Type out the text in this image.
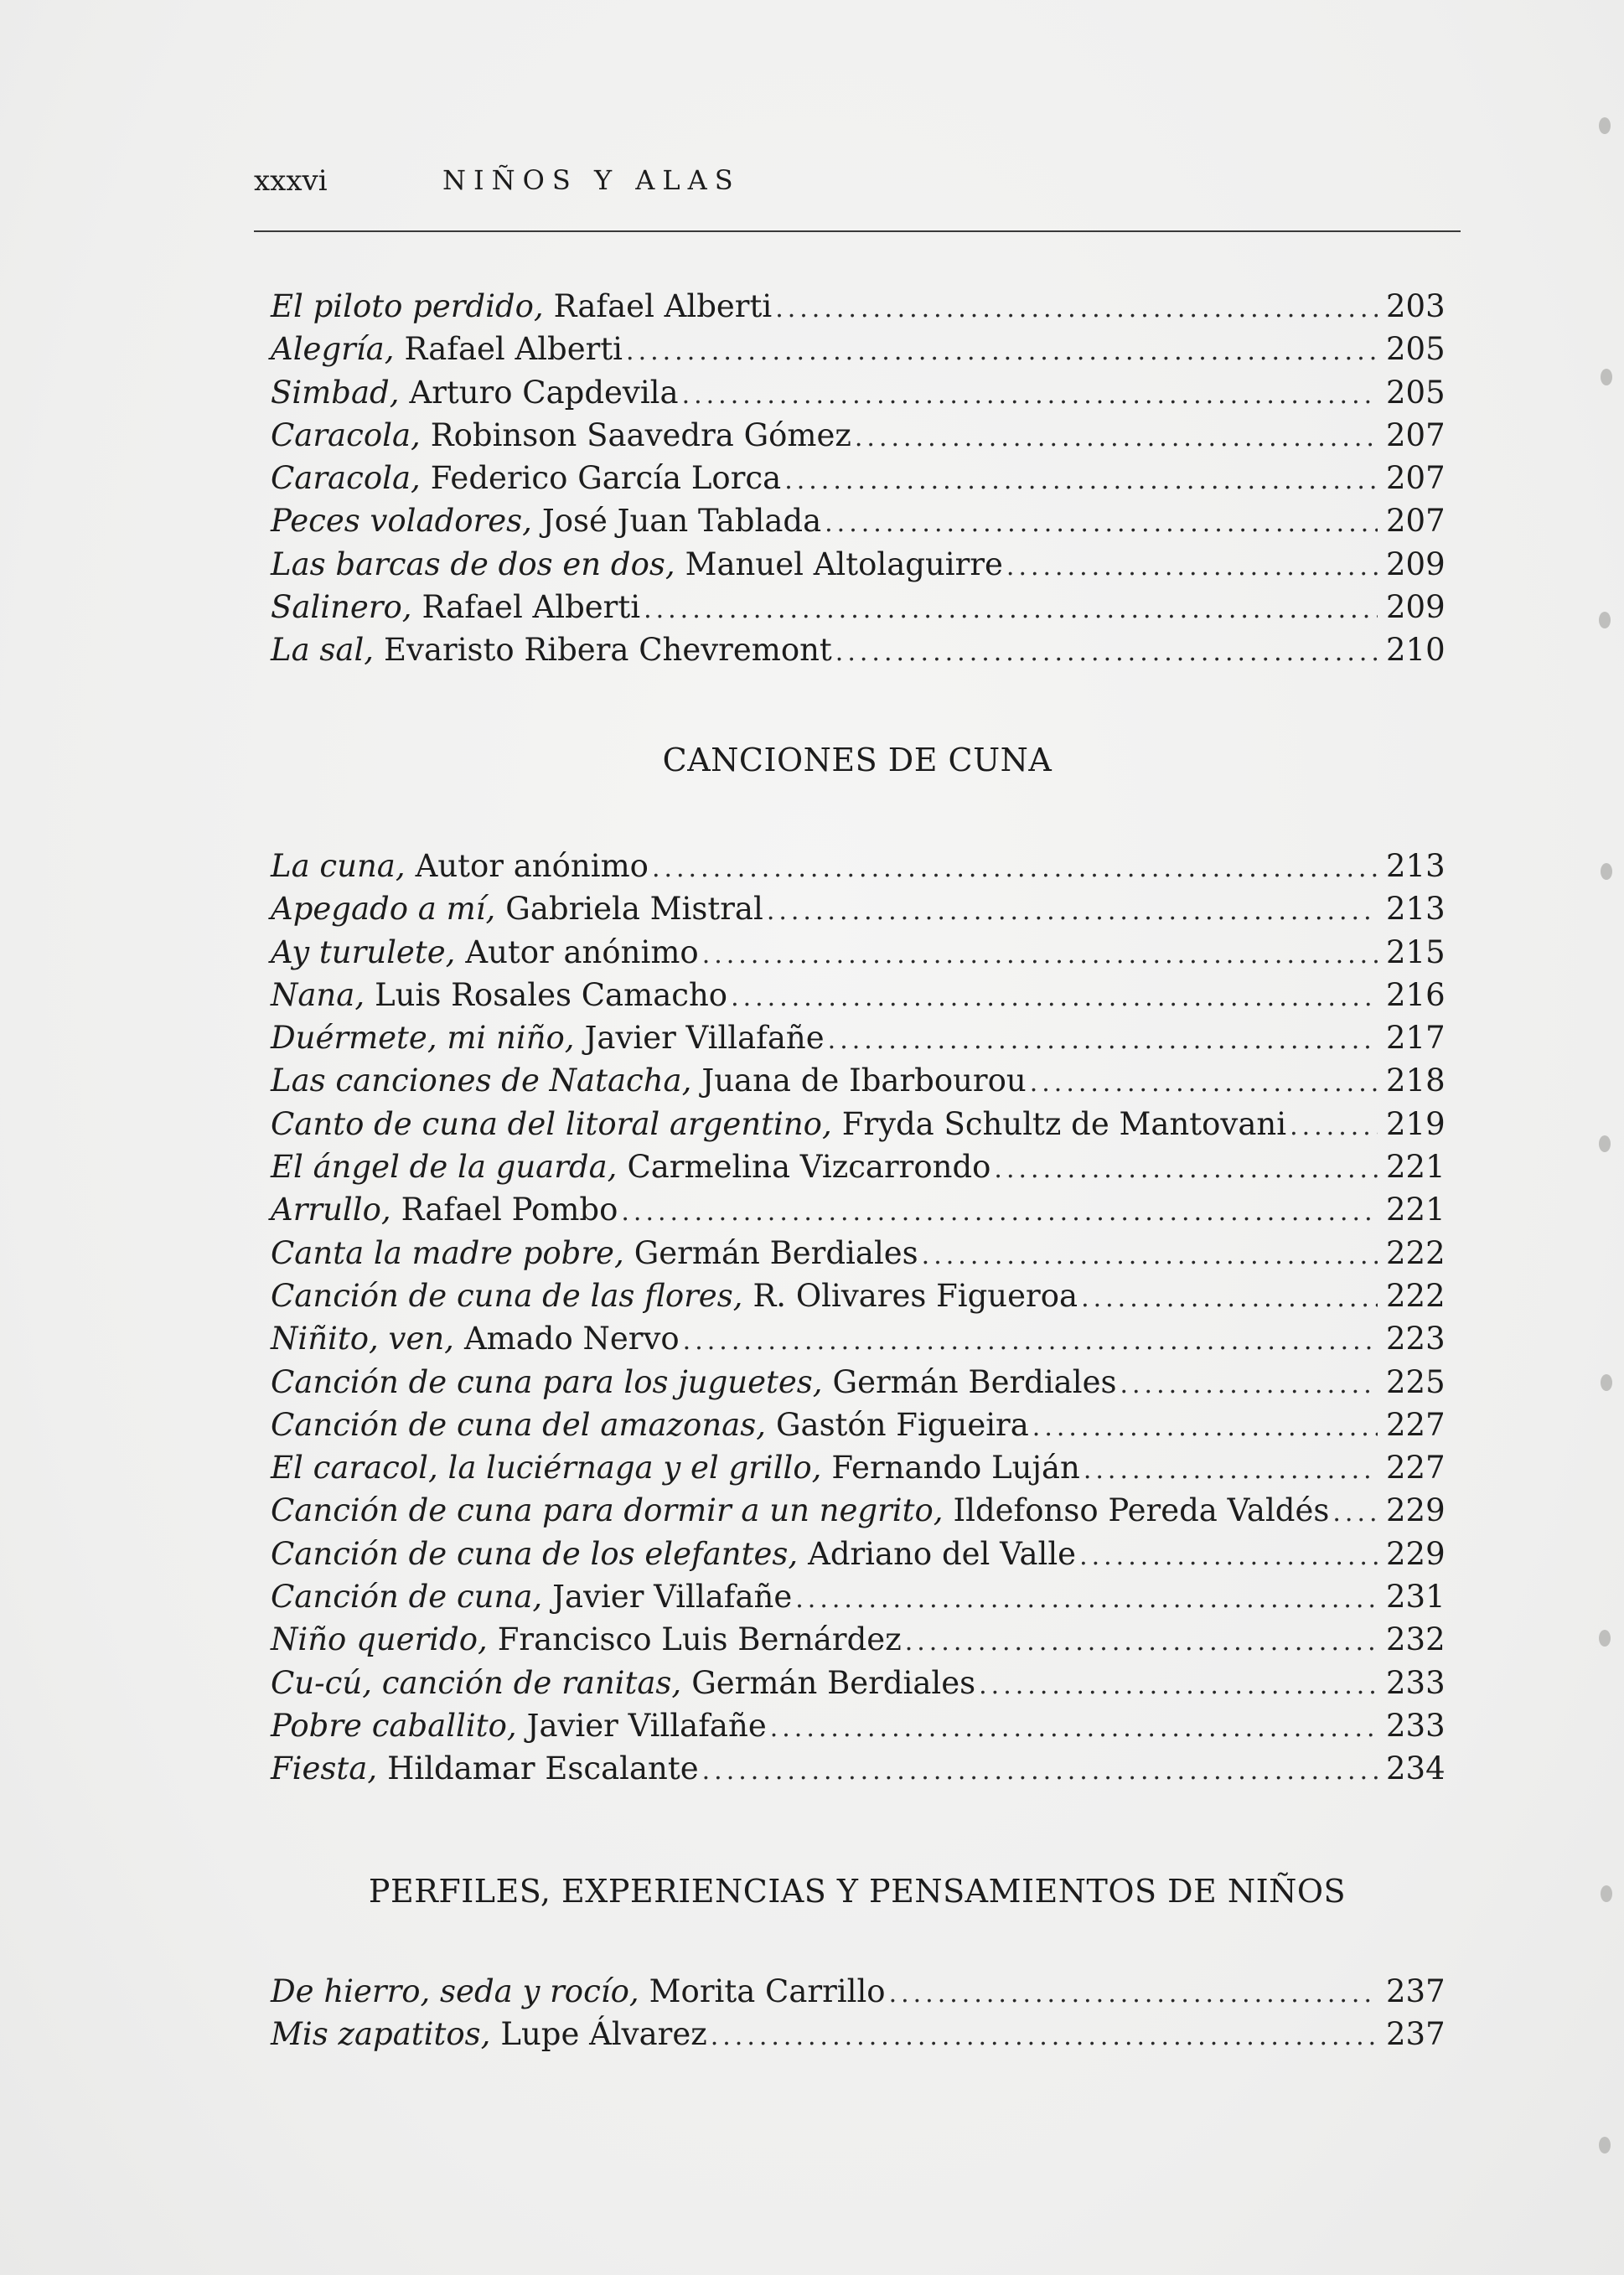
xxxvi	NIÑOS Y ALAS
El piloto perdido, Rafael Alberti .....	203
Alegría, Rafael Alberti .....	205
Simbad, Arturo Capdevila .....	205
Caracola, Robinson Saavedra Gómez .....	207
Caracola, Federico García Lorca .....	207
Peces voladores, José Juan Tablada .....	207
Las barcas de dos en dos, Manuel Altolaguirre .....	209
Salinero, Rafael Alberti .....	209
La sal, Evaristo Ribera Chevremont .....	210
CANCIONES DE CUNA
La cuna, Autor anónimo .....	213
Apegado a mí, Gabriela Mistral .....	213
Ay turulete, Autor anónimo .....	215
Nana, Luis Rosales Camacho .....	216
Duérmete, mi niño, Javier Villafañe .....	217
Las canciones de Natacha, Juana de Ibarbourou .....	218
Canto de cuna del litoral argentino, Fryda Schultz de Mantovani .....	219
El ángel de la guarda, Carmelina Vizcarrondo .....	221
Arrullo, Rafael Pombo .....	221
Canta la madre pobre, Germán Berdiales .....	222
Canción de cuna de las flores, R. Olivares Figueroa .....	222
Niñito, ven, Amado Nervo .....	223
Canción de cuna para los juguetes, Germán Berdiales .....	225
Canción de cuna del amazonas, Gastón Figueira .....	227
El caracol, la luciérnaga y el grillo, Fernando Luján .....	227
Canción de cuna para dormir a un negrito, Ildefonso Pereda Valdés ..... 229
Canción de cuna de los elefantes, Adriano del Valle .....	229
Canción de cuna, Javier Villafañe .....	231
Niño querido, Francisco Luis Bernárdez .....	232
Cu-cú, canción de ranitas, Germán Berdiales .....	233
Pobre caballito, Javier Villafañe .....	233
Fiesta, Hildamar Escalante .....	234
PERFILES, EXPERIENCIAS Y PENSAMIENTOS DE NIÑOS
De hierro, seda y rocío, Morita Carrillo .....	237
Mis zapatitos, Lupe Álvarez .....	237
